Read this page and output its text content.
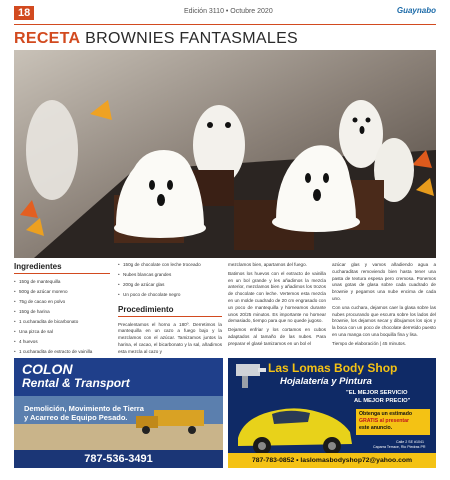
18	Edición 3110 • Octubre 2020	Guaynabo
RECETA BROWNIES FANTASMALES
Ingredientes
• 150g de mantequilla
• 500g de azúcar moreno
• 75g de cacao en polvo
• 150g de harina
• 1 cucharadita de bicarbonato
• Una pizca de sal
• 4 huevos
• 1 cucharadita de extracto de vainilla
• 150g de chocolate con leche troceado
• Nubes blancas grandes
• 200g de azúcar glas
• Un poco de chocolate negro
Procedimiento

Precalentamos el horno a 180º. Derretimos la mantequilla en un cazo a fuego bajo y la mezclamos con el azúcar. Tamizamos juntos la harina, el cacao, el bicarbonato y la sal, añadimos esta mezcla al cazo y

mezclamos bien, apartamos del fuego.

Batimos los huevos con el extracto de vainilla en un bol grande y les añadimos la mezcla anterior, mezclamos bien y añadimos los trozos de chocolate con leche. Vertemos esta mezcla en un molde cuadrado de 20 cm engrasado con un poco de mantequilla y horneamos durante unos 20/25 minutos. Es importante no hornear demasiado, tiempo para que no quede jugoso.

Dejamos enfriar y los cortamos en cubos adaptados al tamaño de las nubes. Para preparar el glasé tamizamos en un bol el

azúcar glas y vamos añadiendo agua a cucharaditas removiendo bien hasta tener una pasta de textura espesa pero cremosa. Ponemos unas gotas de glasa sobre cada cuadrado de brownie y pegamos una nube encima de cada uno.

Con una cuchara, dejamos caer la glasa sobre las nubes procurando que escurra sobre los lados del brownie, los dejamos secar y dibujamos los ojos y la boca con un poco de chocolate derretido puesto en una manga con una boquilla fina y lisa.

Tiempo de elaboración | 45 minutos.

COLON
Rental & Transport
Demolición, Movimiento de Tierra
y Acarreo de Equipo Pesado.
787-536-3491
Las Lomas Body Shop
Hojalatería y Pintura
"EL MEJOR SERVICIO
AL MEJOR PRECIO"
Obtenga un estimado
GRATIS al presentar
este anuncio.
Calle 2 SE #1041
Caparra Terrace, Rio Piedras PR
787-783-0852 • laslomasbodyshop72@yahoo.com
